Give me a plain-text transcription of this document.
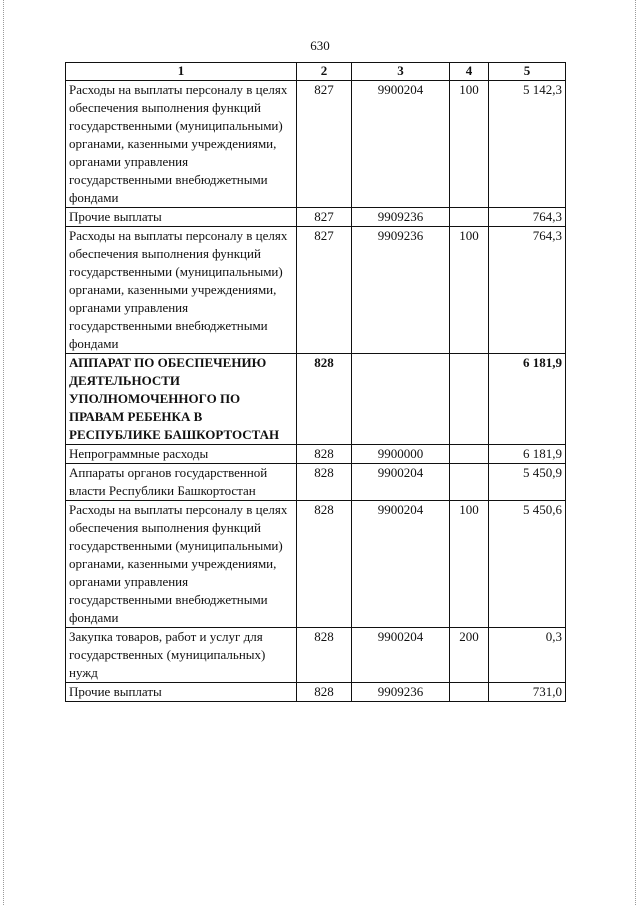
630
1	2	3	4	5
Расходы на выплаты персоналу в целях обеспечения выполнения функций государственными (муниципальными) органами, казенными учреждениями, органами управления государственными внебюджетными фондами	827	9900204	100	5 142,3
Прочие выплаты	827	9909236		764,3
Расходы на выплаты персоналу в целях обеспечения выполнения функций государственными (муниципальными) органами, казенными учреждениями, органами управления государственными внебюджетными фондами	827	9909236	100	764,3
АППАРАТ ПО ОБЕСПЕЧЕНИЮ ДЕЯТЕЛЬНОСТИ УПОЛНОМОЧЕННОГО ПО ПРАВАМ РЕБЕНКА В РЕСПУБЛИКЕ БАШКОРТОСТАН	828			6 181,9
Непрограммные расходы	828	9900000		6 181,9
Аппараты органов государственной власти Республики Башкортостан	828	9900204		5 450,9
Расходы на выплаты персоналу в целях обеспечения выполнения функций государственными (муниципальными) органами, казенными учреждениями, органами управления государственными внебюджетными фондами	828	9900204	100	5 450,6
Закупка товаров, работ и услуг для государственных (муниципальных) нужд	828	9900204	200	0,3
Прочие выплаты	828	9909236		731,0
